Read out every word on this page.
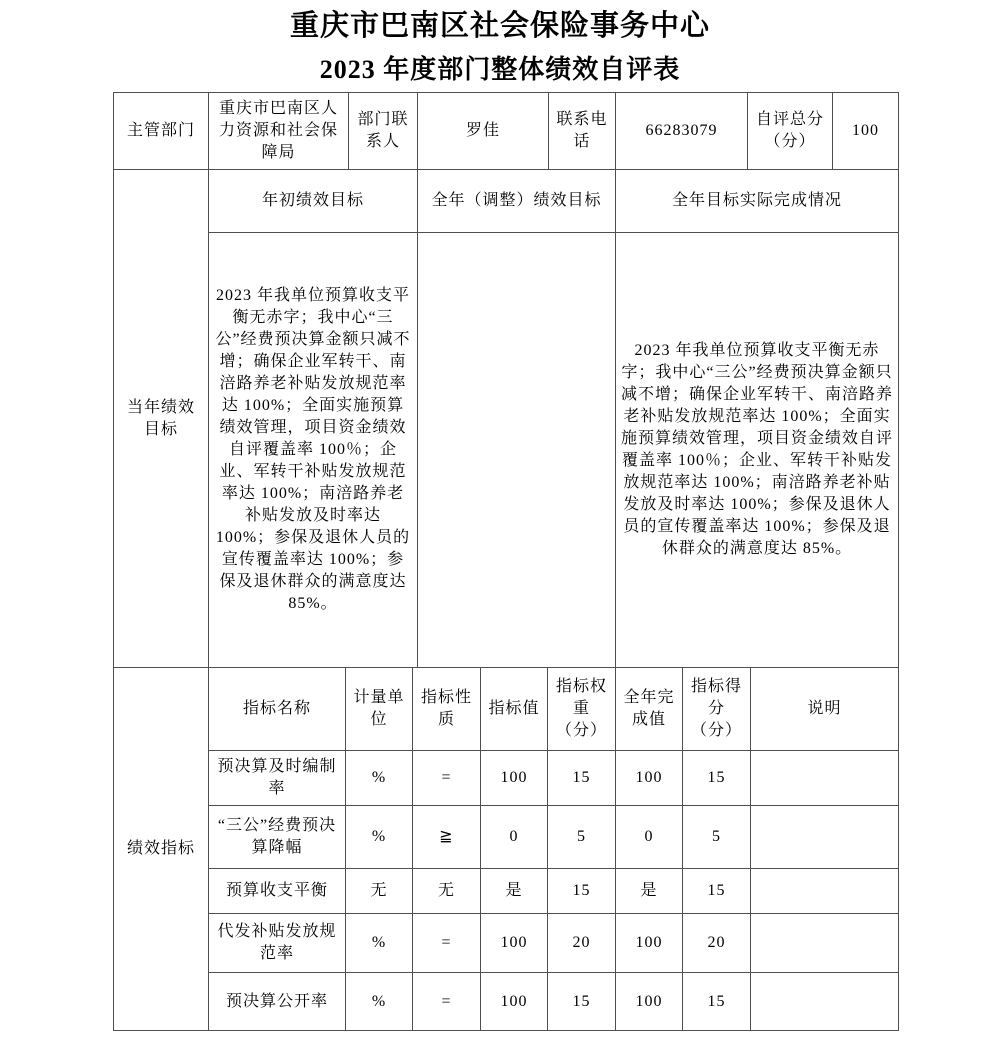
重庆市巴南区社会保险事务中心
2023 年度部门整体绩效自评表
主管部门	重庆市巴南区人力资源和社会保障局	部门联系人	罗佳	联系电话	66283079	自评总分（分）	100
当年绩效目标	年初绩效目标	全年（调整）绩效目标	全年目标实际完成情况
	2023 年我单位预算收支平衡无赤字；我中心“三公”经费预决算金额只减不增；确保企业军转干、南涪路养老补贴发放规范率达 100%；全面实施预算绩效管理，项目资金绩效自评覆盖率 100％；企业、军转干补贴发放规范率达 100%；南涪路养老补贴发放及时率达 100%；参保及退休人员的宣传覆盖率达 100%；参保及退休群众的满意度达 85%。		2023 年我单位预算收支平衡无赤字；我中心“三公”经费预决算金额只减不增；确保企业军转干、南涪路养老补贴发放规范率达 100%；全面实施预算绩效管理，项目资金绩效自评覆盖率 100％；企业、军转干补贴发放规范率达 100%；南涪路养老补贴发放及时率达 100%；参保及退休人员的宣传覆盖率达 100%；参保及退休群众的满意度达 85%。
绩效指标	指标名称	计量单位	指标性质	指标值	指标权重（分）	全年完成值	指标得分（分）	说明
	预决算及时编制率	%	=	100	15	100	15	
	“三公”经费预决算降幅	%	≧	0	5	0	5	
	预算收支平衡	无	无	是	15	是	15	
	代发补贴发放规范率	%	=	100	20	100	20	
	预决算公开率	%	=	100	15	100	15	
